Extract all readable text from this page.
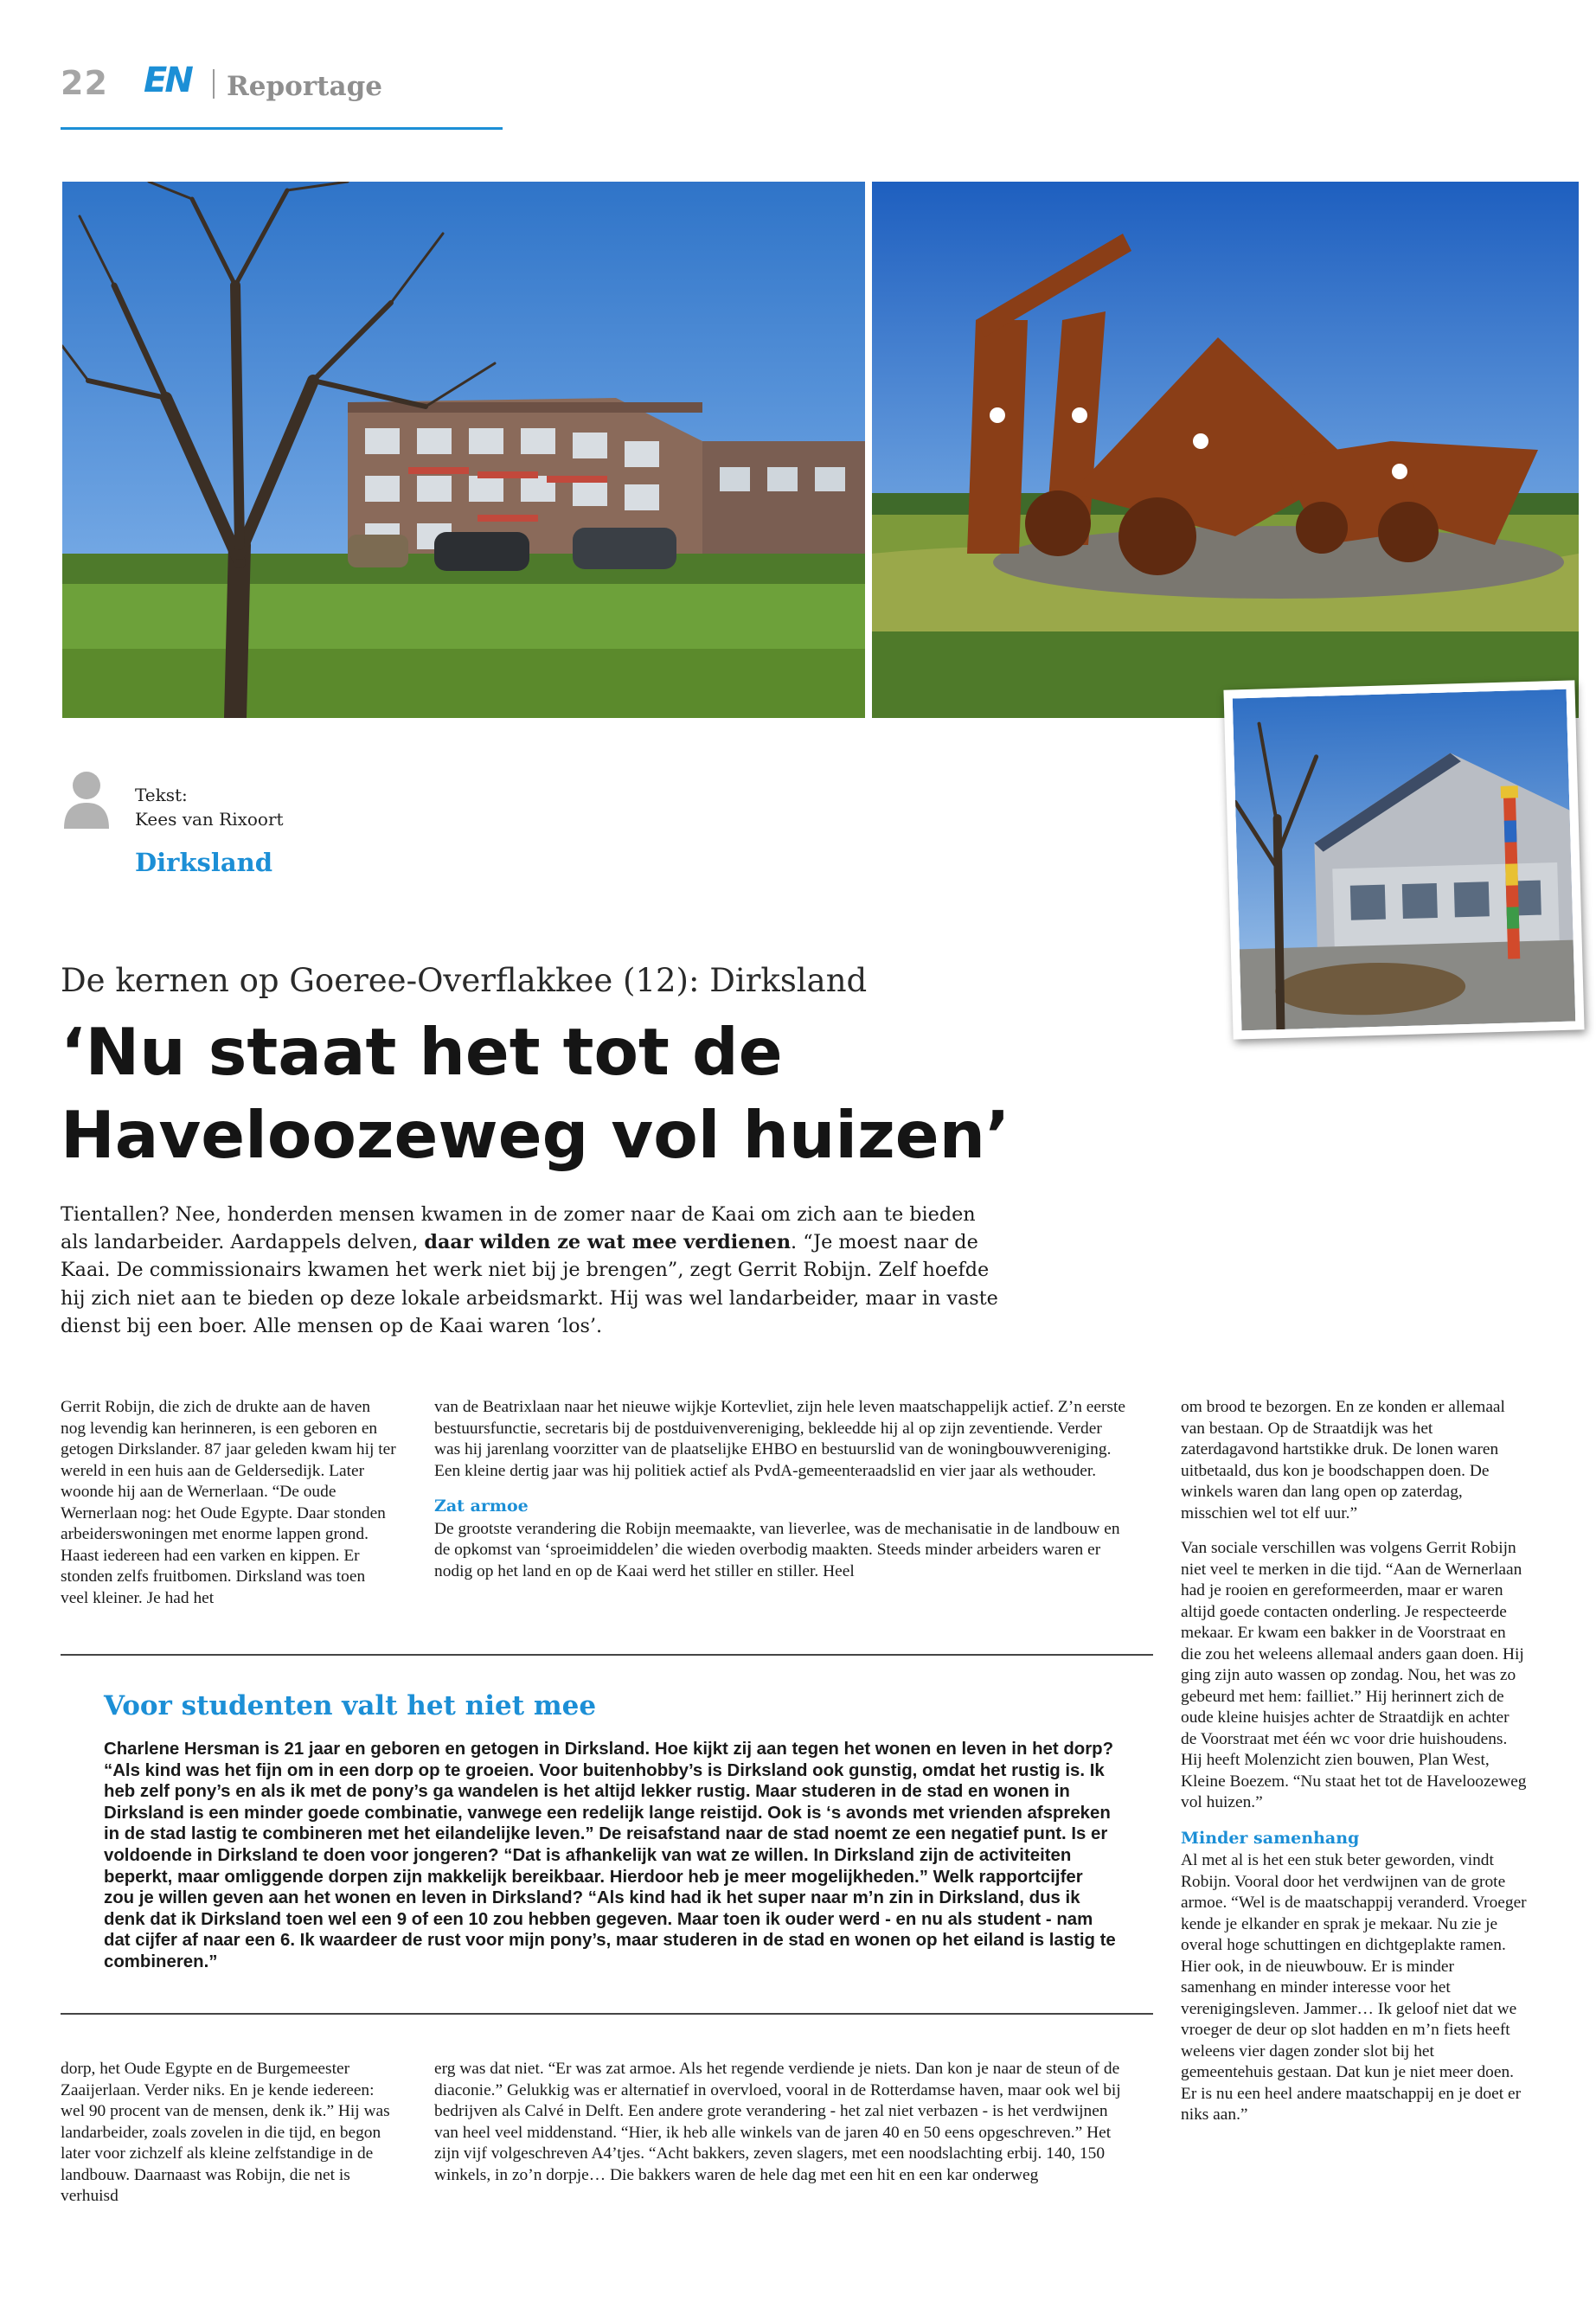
22 EN Reportage
Tekst:
Kees van Rixoort
Dirksland
De kernen op Goeree-Overflakkee (12): Dirksland
‘Nu staat het tot de
Haveloozeweg vol huizen’

Tientallen? Nee, honderden mensen kwamen in de zomer naar de Kaai om zich aan te bieden als landarbeider. Aardappels delven, daar wilden ze wat mee verdienen. “Je moest naar de Kaai. De commissionairs kwamen het werk niet bij je brengen”, zegt Gerrit Robijn. Zelf hoefde hij zich niet aan te bieden op deze lokale arbeidsmarkt. Hij was wel landarbeider, maar in vaste dienst bij een boer. Alle mensen op de Kaai waren ‘los’.

Gerrit Robijn, die zich de drukte aan de haven nog levendig kan herinneren, is een geboren en getogen Dirkslander. 87 jaar geleden kwam hij ter wereld in een huis aan de Geldersedijk. Later woonde hij aan de Wernerlaan. “De oude Wernerlaan nog: het Oude Egypte. Daar stonden arbeiderswoningen met enorme lappen grond. Haast iedereen had een varken en kippen. Er stonden zelfs fruitbomen. Dirksland was toen veel kleiner. Je had het

van de Beatrixlaan naar het nieuwe wijkje Kortevliet, zijn hele leven maatschappelijk actief. Z’n eerste bestuursfunctie, secretaris bij de postduivenvereniging, bekleedde hij al op zijn zeventiende. Verder was hij jarenlang voorzitter van de plaatselijke EHBO en bestuurslid van de woningbouwvereniging. Een kleine dertig jaar was hij politiek actief als PvdA-gemeenteraadslid en vier jaar als wethouder.

Zat armoe

De grootste verandering die Robijn meemaakte, van lieverlee, was de mechanisatie in de landbouw en de opkomst van ‘sproeimiddelen’ die wieden overbodig maakten. Steeds minder arbeiders waren er nodig op het land en op de Kaai werd het stiller en stiller. Heel

om brood te bezorgen. En ze konden er allemaal van bestaan. Op de Straatdijk was het zaterdagavond hartstikke druk. De lonen waren uitbetaald, dus kon je boodschappen doen. De winkels waren dan lang open op zaterdag, misschien wel tot elf uur.”

Van sociale verschillen was volgens Gerrit Robijn niet veel te merken in die tijd. “Aan de Wernerlaan had je rooien en gereformeerden, maar er waren altijd goede contacten onderling. Je respecteerde mekaar. Er kwam een bakker in de Voorstraat en die zou het weleens allemaal anders gaan doen. Hij ging zijn auto wassen op zondag. Nou, het was zo gebeurd met hem: failliet.” Hij herinnert zich de oude kleine huisjes achter de Straatdijk en achter de Voorstraat met één wc voor drie huishoudens. Hij heeft Molenzicht zien bouwen, Plan West, Kleine Boezem. “Nu staat het tot de Haveloozeweg vol huizen.”

Minder samenhang

Al met al is het een stuk beter geworden, vindt Robijn. Vooral door het verdwijnen van de grote armoe. “Wel is de maatschappij veranderd. Vroeger kende je elkander en sprak je mekaar. Nu zie je overal hoge schuttingen en dichtgeplakte ramen. Hier ook, in de nieuwbouw. Er is minder samenhang en minder interesse voor het verenigingsleven. Jammer… Ik geloof niet dat we vroeger de deur op slot hadden en m’n fiets heeft weleens vier dagen zonder slot bij het gemeentehuis gestaan. Dat kun je niet meer doen. Er is nu een heel andere maatschappij en je doet er niks aan.”

Voor studenten valt het niet mee

Charlene Hersman is 21 jaar en geboren en getogen in Dirksland. Hoe kijkt zij aan tegen het wonen en leven in het dorp? “Als kind was het fijn om in een dorp op te groeien. Voor buitenhobby’s is Dirksland ook gunstig, omdat het rustig is. Ik heb zelf pony’s en als ik met de pony’s ga wandelen is het altijd lekker rustig. Maar studeren in de stad en wonen in Dirksland is een minder goede combinatie, vanwege een redelijk lange reistijd. Ook is ‘s avonds met vrienden afspreken in de stad lastig te combineren met het eilandelijke leven.” De reisafstand naar de stad noemt ze een negatief punt. Is er voldoende in Dirksland te doen voor jongeren? “Dat is afhankelijk van wat ze willen. In Dirksland zijn de activiteiten beperkt, maar omliggende dorpen zijn makkelijk bereikbaar. Hierdoor heb je meer mogelijkheden.” Welk rapportcijfer zou je willen geven aan het wonen en leven in Dirksland? “Als kind had ik het super naar m’n zin in Dirksland, dus ik denk dat ik Dirksland toen wel een 9 of een 10 zou hebben gegeven. Maar toen ik ouder werd - en nu als student - nam dat cijfer af naar een 6. Ik waardeer de rust voor mijn pony’s, maar studeren in de stad en wonen op het eiland is lastig te combineren.”

dorp, het Oude Egypte en de Burgemeester Zaaijerlaan. Verder niks. En je kende iedereen: wel 90 procent van de mensen, denk ik.” Hij was landarbeider, zoals zovelen in die tijd, en begon later voor zichzelf als kleine zelfstandige in de landbouw. Daarnaast was Robijn, die net is verhuisd

erg was dat niet. “Er was zat armoe. Als het regende verdiende je niets. Dan kon je naar de steun of de diaconie.” Gelukkig was er alternatief in overvloed, vooral in de Rotterdamse haven, maar ook wel bij bedrijven als Calvé in Delft. Een andere grote verandering - het zal niet verbazen - is het verdwijnen van heel veel middenstand. “Hier, ik heb alle winkels van de jaren 40 en 50 eens opgeschreven.” Het zijn vijf volgeschreven A4’tjes. “Acht bakkers, zeven slagers, met een noodslachting erbij. 140, 150 winkels, in zo’n dorpje… Die bakkers waren de hele dag met een hit en een kar onderweg
